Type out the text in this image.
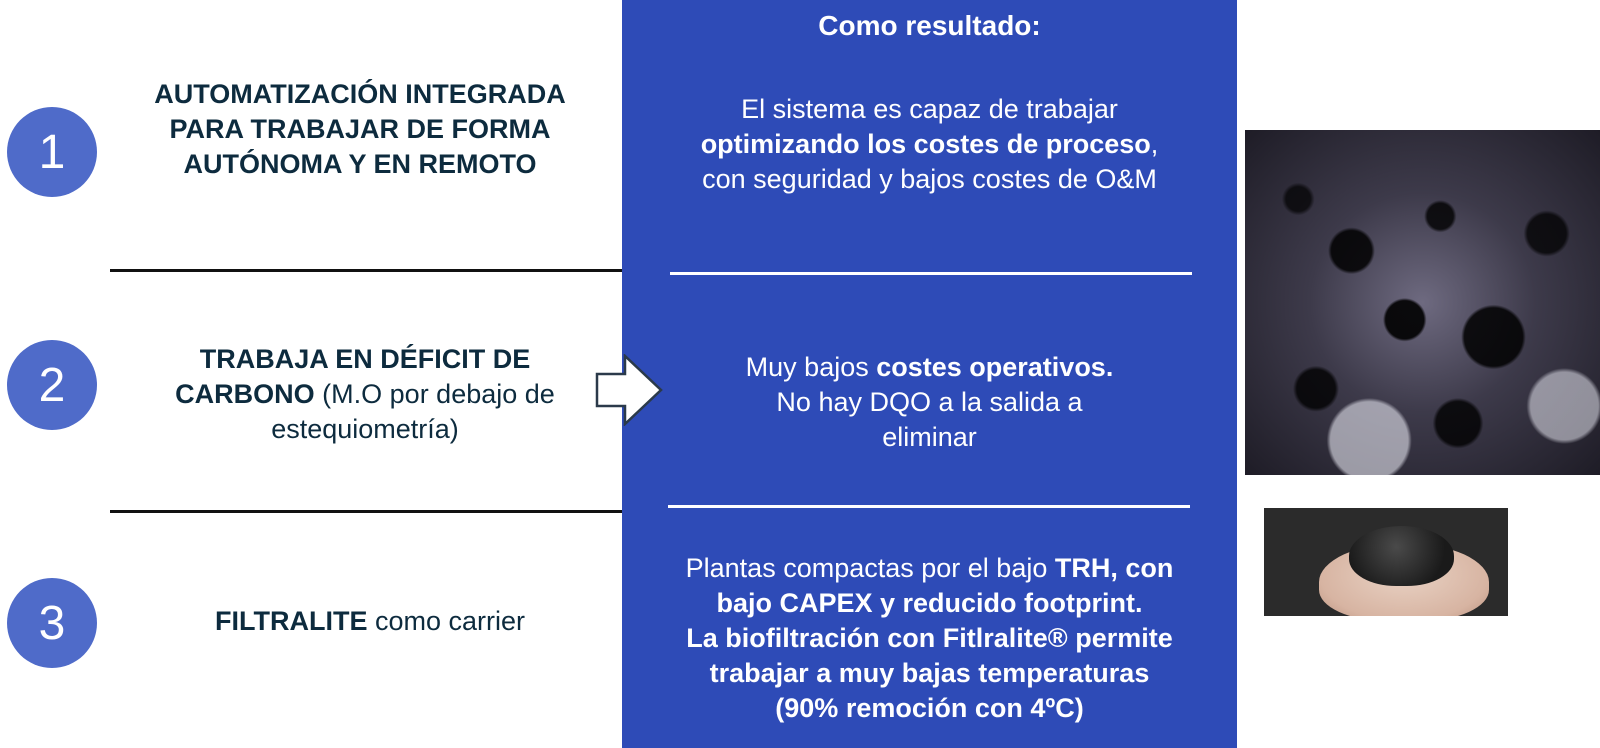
1
2
3
AUTOMATIZACIÓN INTEGRADA PARA TRABAJAR DE FORMA AUTÓNOMA Y EN REMOTO
TRABAJA EN DÉFICIT DE CARBONO (M.O por debajo de estequiometría)
FILTRALITE como carrier
Como resultado:
El sistema es capaz de trabajar
optimizando los costes de proceso,
con seguridad y bajos costes de O&M
Muy bajos costes operativos.
No hay DQO a la salida a
eliminar
Plantas compactas por el bajo TRH, con
bajo CAPEX y reducido footprint.
La biofiltración con Fitlralite® permite
trabajar a muy bajas temperaturas
(90% remoción con 4ºC)
